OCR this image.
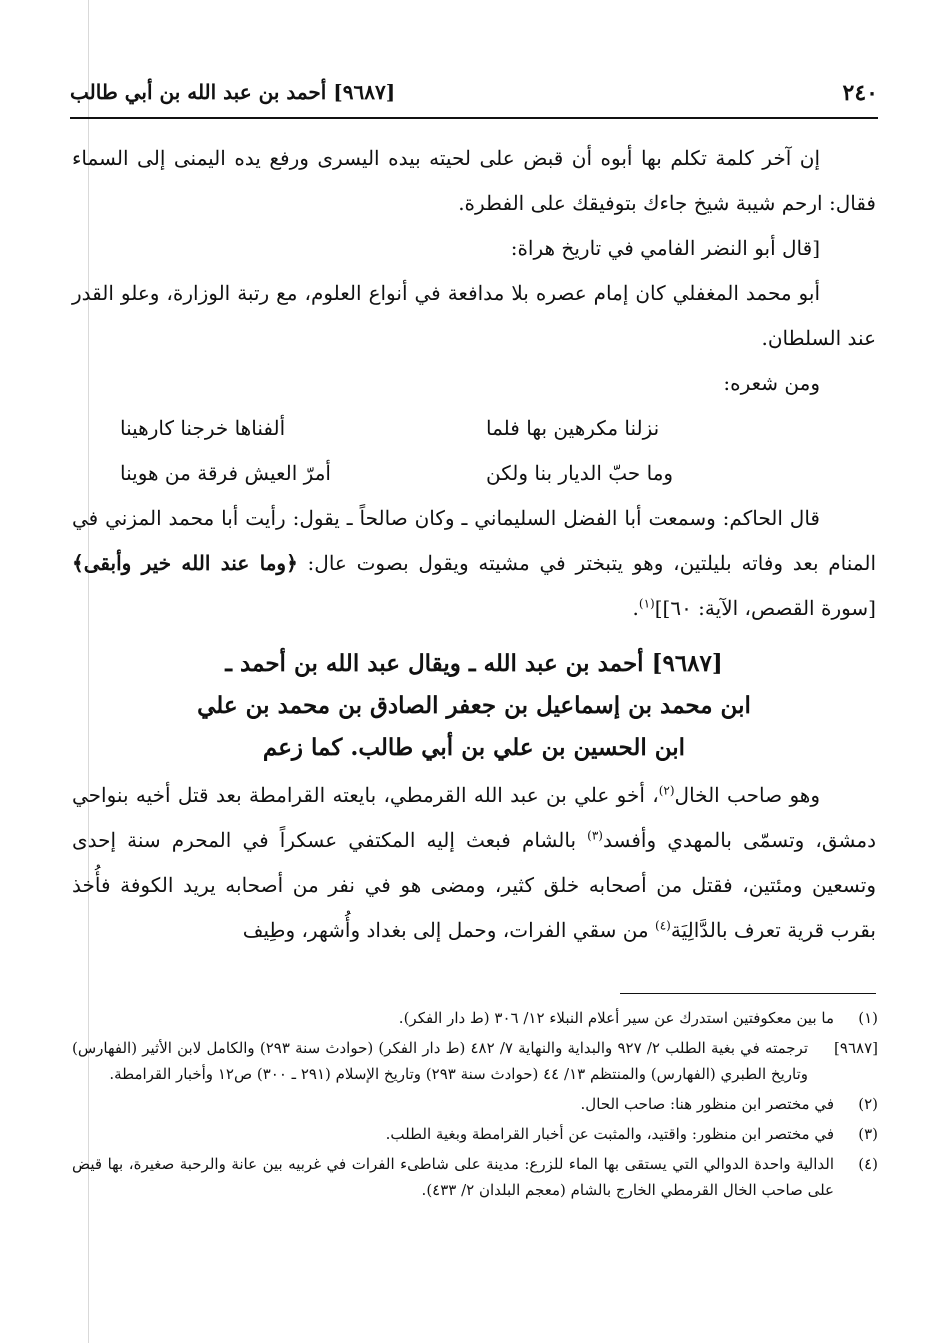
٢٤٠
[٩٦٨٧] أحمد بن عبد الله بن أبي طالب

إن آخر كلمة تكلم بها أبوه أن قبض على لحيته بيده اليسرى ورفع يده اليمنى إلى السماء فقال: ارحم شيبة شيخ جاءك بتوفيقك على الفطرة.

[قال أبو النضر الفامي في تاريخ هراة:

أبو محمد المغفلي كان إمام عصره بلا مدافعة في أنواع العلوم، مع رتبة الوزارة، وعلو القدر عند السلطان.

ومن شعره:

نزلنا مكرهين بها فلما
ألفناها خرجنا كارهينا
وما حبّ الديار بنا ولكن
أمرّ العيش فرقة من هوينا

قال الحاكم: وسمعت أبا الفضل السليماني ـ وكان صالحاً ـ يقول: رأيت أبا محمد المزني في المنام بعد وفاته بليلتين، وهو يتبختر في مشيته ويقول بصوت عال: ﴿وما عند الله خير وأبقى﴾ [سورة القصص، الآية: ٦٠]]$^{(١)}$.

[٩٦٨٧] أحمد بن عبد الله ـ ويقال عبد الله بن أحمد ـ
ابن محمد بن إسماعيل بن جعفر الصادق بن محمد بن علي
ابن الحسين بن علي بن أبي طالب. كما زعم

وهو صاحب الخال$^{(٢)}$، أخو علي بن عبد الله القرمطي، بايعته القرامطة بعد قتل أخيه بنواحي دمشق، وتسمّى بالمهدي وأفسد$^{(٣)}$ بالشام فبعث إليه المكتفي عسكراً في المحرم سنة إحدى وتسعين ومئتين، فقتل من أصحابه خلق كثير، ومضى هو في نفر من أصحابه يريد الكوفة فأُخذ بقرب قرية تعرف بالدَّالِيَة$^{(٤)}$ من سقي الفرات، وحمل إلى بغداد وأُشهر، وطِيف

(١)
ما بين معكوفتين استدرك عن سير أعلام النبلاء ١٢/ ٣٠٦ (ط دار الفكر).
[٩٦٨٧]
ترجمته في بغية الطلب ٢/ ٩٢٧ والبداية والنهاية ٧/ ٤٨٢ (ط دار الفكر) (حوادث سنة ٢٩٣) والكامل لابن الأثير (الفهارس) وتاريخ الطبري (الفهارس) والمنتظم ١٣/ ٤٤ (حوادث سنة ٢٩٣) وتاريخ الإسلام (٢٩١ ـ ٣٠٠) ص١٢ وأخبار القرامطة.
(٢)
في مختصر ابن منظور هنا: صاحب الحال.
(٣)
في مختصر ابن منظور: واقتيد، والمثبت عن أخبار القرامطة وبغية الطلب.
(٤)
الدالية واحدة الدوالي التي يستقى بها الماء للزرع: مدينة على شاطىء الفرات في غربيه بين عانة والرحبة صغيرة، بها قيض على صاحب الخال القرمطي الخارج بالشام (معجم البلدان ٢/ ٤٣٣).
